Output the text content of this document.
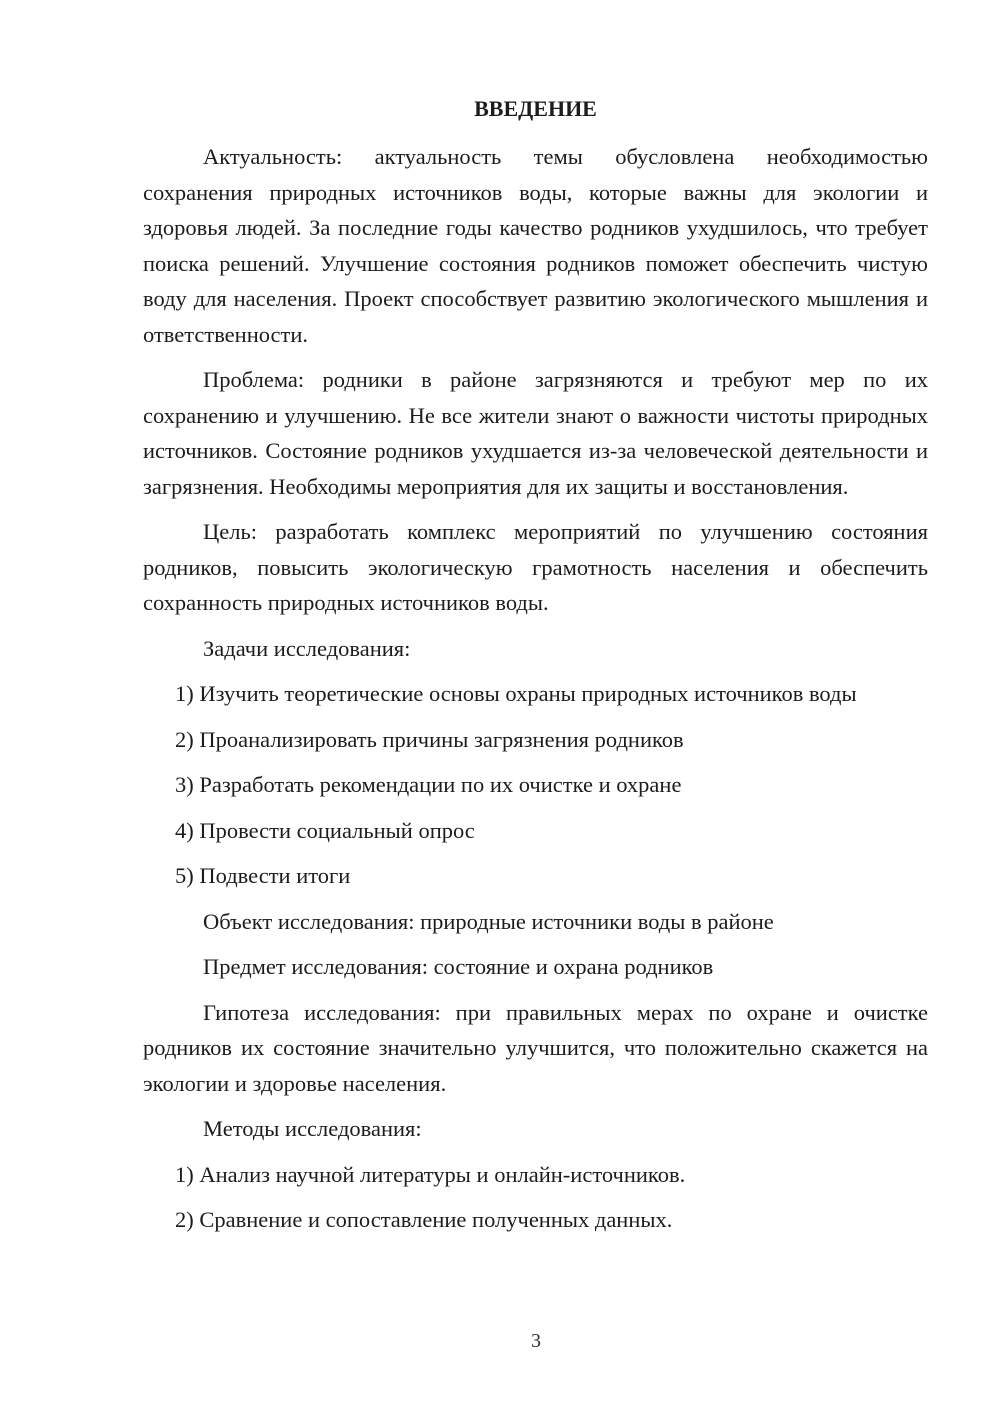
ВВЕДЕНИЕ

Актуальность: актуальность темы обусловлена необходимостью сохранения природных источников воды, которые важны для экологии и здоровья людей. За последние годы качество родников ухудшилось, что требует поиска решений. Улучшение состояния родников поможет обеспечить чистую воду для населения. Проект способствует развитию экологического мышления и ответственности.

Проблема: родники в районе загрязняются и требуют мер по их сохранению и улучшению. Не все жители знают о важности чистоты природных источников. Состояние родников ухудшается из-за человеческой деятельности и загрязнения. Необходимы мероприятия для их защиты и восстановления.

Цель: разработать комплекс мероприятий по улучшению состояния родников, повысить экологическую грамотность населения и обеспечить сохранность природных источников воды.

Задачи исследования:

1) Изучить теоретические основы охраны природных источников воды

2) Проанализировать причины загрязнения родников

3) Разработать рекомендации по их очистке и охране

4) Провести социальный опрос

5) Подвести итоги

Объект исследования: природные источники воды в районе

Предмет исследования: состояние и охрана родников

Гипотеза исследования: при правильных мерах по охране и очистке родников их состояние значительно улучшится, что положительно скажется на экологии и здоровье населения.

Методы исследования:

1) Анализ научной литературы и онлайн-источников.

2) Сравнение и сопоставление полученных данных.

3
